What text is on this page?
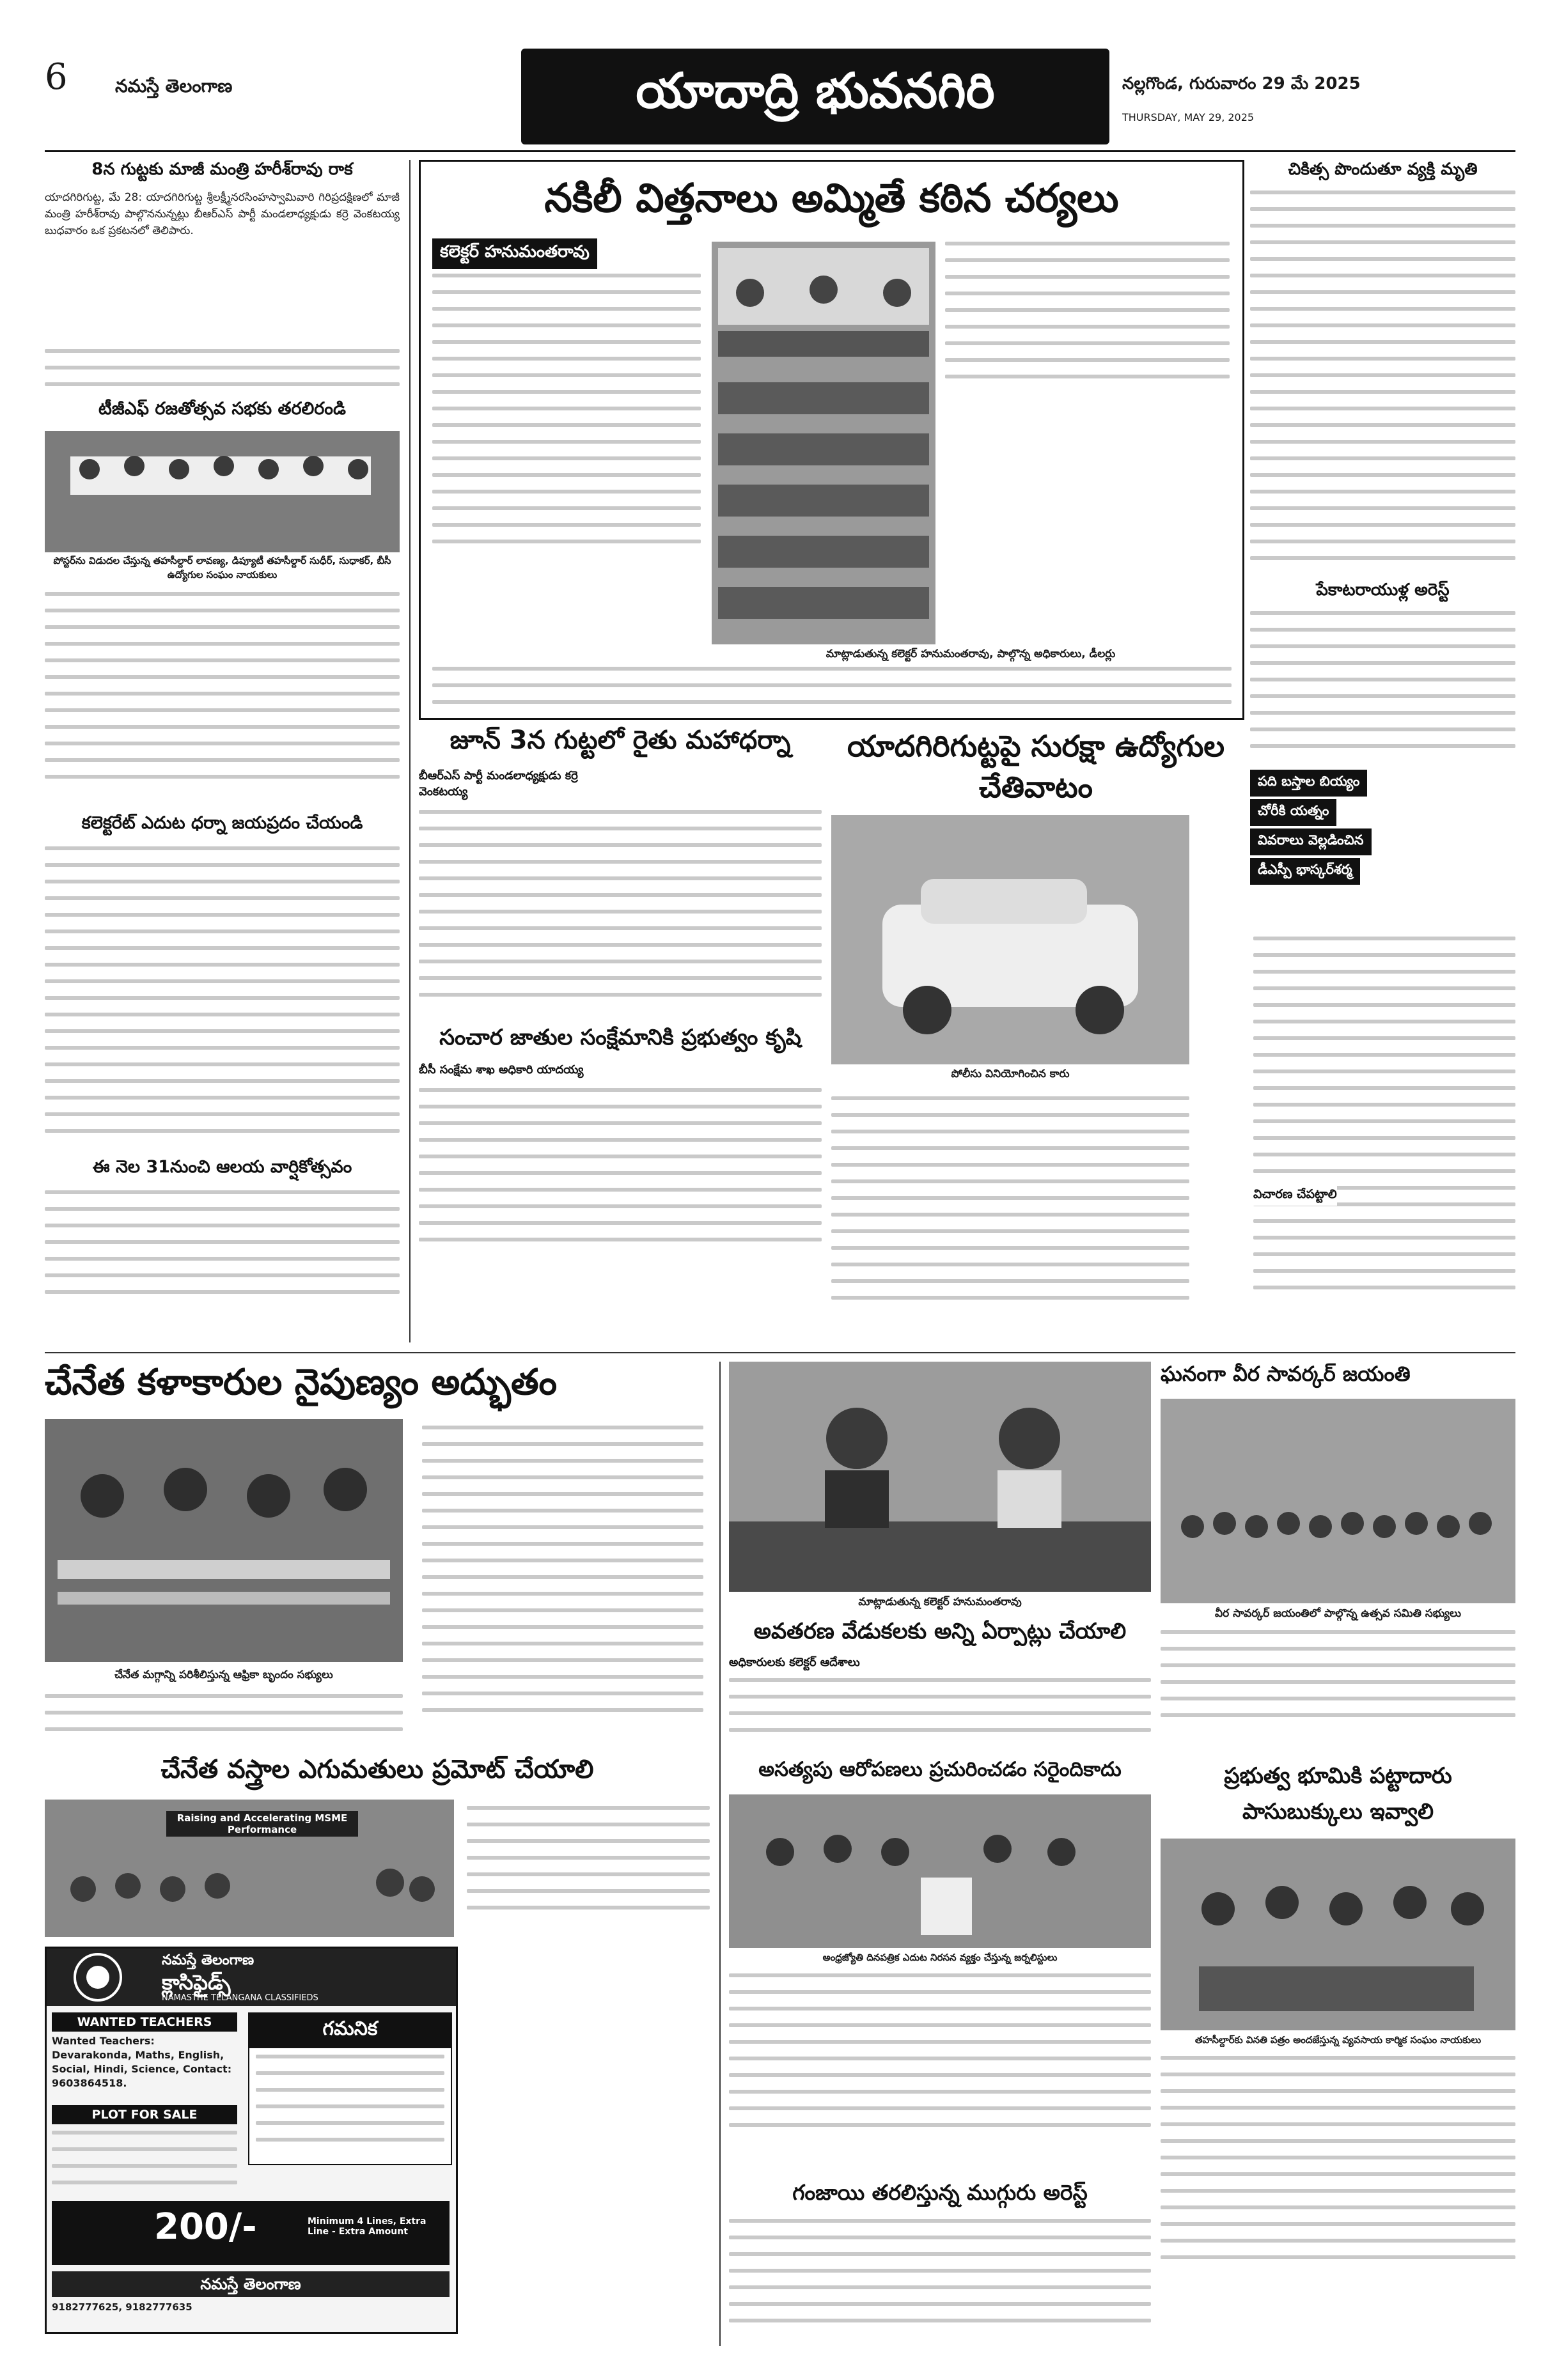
6	నమస్తే తెలంగాణ	యాదాద్రి భువనగిరి	నల్లగొండ, గురువారం 29 మే 2025
THURSDAY, MAY 29, 2025
8న గుట్టకు మాజీ మంత్రి హరీశ్‌రావు రాక
యాదగిరిగుట్ట, మే 28: యాదగిరిగుట్ట శ్రీలక్ష్మీనరసింహస్వామివారి గిరిప్రదక్షిణలో మాజీ మంత్రి హరీశ్‌రావు పాల్గొననున్నట్లు బీఆర్‌ఎస్ పార్టీ మండలాధ్యక్షుడు కర్రె వెంకటయ్య బుధవారం ఒక ప్రకటనలో తెలిపారు.
టీజీఎఫ్ రజతోత్సవ సభకు తరలిరండి
పోస్టర్‌ను విడుదల చేస్తున్న తహసీల్దార్ లావణ్య, డిప్యూటీ తహసీల్దార్ సుధీర్, సుధాకర్, బీసీ ఉద్యోగుల సంఘం నాయకులు
కలెక్టరేట్ ఎదుట ధర్నా జయప్రదం చేయండి
ఈ నెల 31నుంచి ఆలయ వార్షికోత్సవం
నకిలీ విత్తనాలు అమ్మితే కఠిన చర్యలు
కలెక్టర్ హనుమంతరావు
మాట్లాడుతున్న కలెక్టర్ హనుమంతరావు, పాల్గొన్న అధికారులు, డీలర్లు
చికిత్స పొందుతూ వ్యక్తి మృతి
పేకాటరాయుళ్ల అరెస్ట్
పది బస్తాల బియ్యం
చోరీకి యత్నం
వివరాలు వెల్లడించిన
డీఎస్పీ భాస్కర్‌శర్మ
జూన్ 3న గుట్టలో రైతు మహాధర్నా
బీఆర్‌ఎస్ పార్టీ మండలాధ్యక్షుడు కర్రె వెంకటయ్య
సంచార జాతుల సంక్షేమానికి ప్రభుత్వం కృషి
బీసీ సంక్షేమ శాఖ అధికారి యాదయ్య
యాదగిరిగుట్టపై సురక్షా ఉద్యోగుల చేతివాటం
పోలీసు వినియోగించిన కారు
విచారణ చేపట్టాలి
చేనేత కళాకారుల నైపుణ్యం అద్భుతం
చేనేత మగ్గాన్ని పరిశీలిస్తున్న ఆఫ్రికా బృందం సభ్యులు
చేనేత వస్త్రాల ఎగుమతులు ప్రమోట్ చేయాలి
Raising and Accelerating MSME Performance
నమస్తే తెలంగాణ
క్లాసిఫైడ్స్
NAMASTHE TELANGANA CLASSIFIEDS
WANTED TEACHERS
Wanted Teachers: Devarakonda, Maths, English, Social, Hindi, Science, Contact: 9603864518.
PLOT FOR SALE
గమనిక
200/-	Minimum 4 Lines, Extra Line - Extra Amount
నమస్తే తెలంగాణ
9182777625, 9182777635
మాట్లాడుతున్న కలెక్టర్ హనుమంతరావు
అవతరణ వేడుకలకు అన్ని ఏర్పాట్లు చేయాలి
అధికారులకు కలెక్టర్ ఆదేశాలు
ఘనంగా వీర సావర్కర్ జయంతి
వీర సావర్కర్ జయంతిలో పాల్గొన్న ఉత్సవ సమితి సభ్యులు
ప్రభుత్వ భూమికి పట్టాదారు పాసుబుక్కులు ఇవ్వాలి
తహసీల్దార్‌కు వినతి పత్రం అందజేస్తున్న వ్యవసాయ కార్మిక సంఘం నాయకులు
అసత్యపు ఆరోపణలు ప్రచురించడం సరైందికాదు
అంధ్రజ్యోతి దినపత్రిక ఎదుట నిరసన వ్యక్తం చేస్తున్న జర్నలిస్టులు
గంజాయి తరలిస్తున్న ముగ్గురు అరెస్ట్
